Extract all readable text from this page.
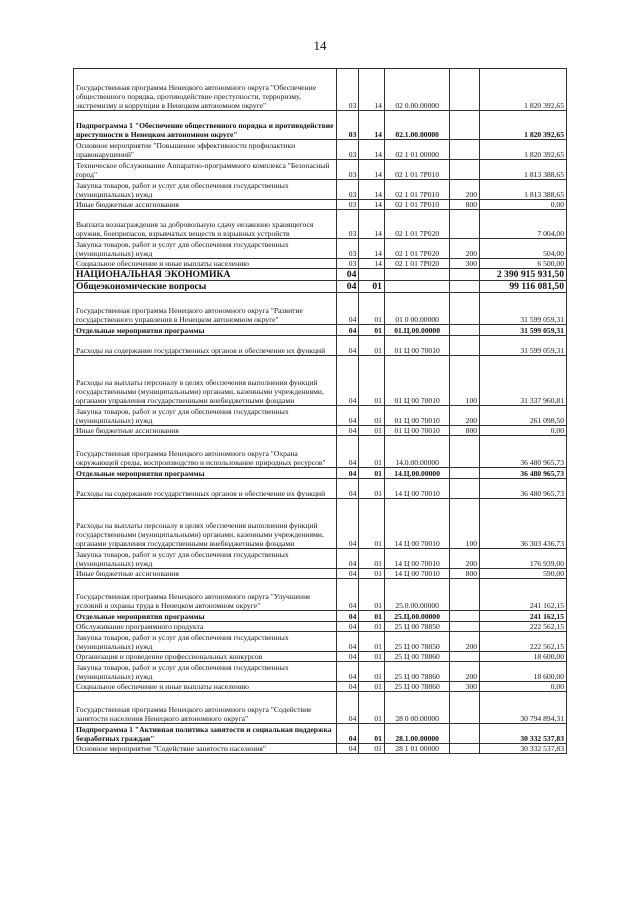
14
Государственная программа Ненецкого автономного округа "Обеспечение общественного порядка, противодействие преступности, терроризму, экстремизму и коррупции в Ненецком автономном округе"	03	14	02 0.00.00000		1 820 392,65
Подпрограмма 1 "Обеспечение общественного порядка и противодействие преступности в Ненецком автономном округе"	03	14	02.1.00.00000		1 820 392,65
Основное мероприятие "Повышение эффективности профилактики правонарушений"	03	14	02 1 01 00000		1 820 392,65
Техническое обслуживание Аппаратно-программного комплекса "Безопасный город"	03	14	02 1 01 7Р010		1 813 388,65
Закупка товаров, работ и услуг для обеспечения государственных (муниципальных) нужд	03	14	02 1 01 7Р010	200	1 813 388,65
Иные бюджетные ассигнования	03	14	02 1 01 7Р010	800	0,00
Выплата вознаграждения за добровольную сдачу незаконно хранящегося оружия, боеприпасов, взрывчатых веществ и взрывных устройств	03	14	02 1 01 7Р020		7 004,00
Закупка товаров, работ и услуг для обеспечения государственных (муниципальных) нужд	03	14	02 1 01 7Р020	200	504,00
Социальное обеспечение и иные выплаты населению	03	14	02 1 01 7Р020	300	6 500,00
НАЦИОНАЛЬНАЯ ЭКОНОМИКА	04				2 390 915 931,50
Общеэкономические вопросы	04	01			99 116 081,50
Государственная программа Ненецкого автономного округа "Развитие государственного управления в Ненецком автономном округе"	04	01	01 0 00.00000		31 599 059,31
Отдельные мероприятия программы	04	01	01.Ц.00.00000		31 599 059,31
Расходы на содержание государственных органов и обеспечение их функций	04	01	01 Ц 00 70010		31 599 059,31
Расходы на выплаты персоналу в целях обеспечения выполнения функций государственными (муниципальными) органами, казенными учреждениями, органами управления государственными внебюджетными фондами	04	01	01 Ц 00 70010	100	31 337 960,81
Закупка товаров, работ и услуг для обеспечения государственных (муниципальных) нужд	04	01	01 Ц 00 70010	200	261 098,50
Иные бюджетные ассигнования	04	01	01 Ц 00 70010	800	0,00
Государственная программа Ненецкого автономного округа "Охрана окружающей среды, воспроизводство и использование природных ресурсов"	04	01	14.0.00.00000		36 480 965,73
Отдельные мероприятия программы	04	01	14.Ц.00.00000		36 480 965,73
Расходы на содержание государственных органов и обеспечение их функций	04	01	14 Ц 00 70010		36 480 965,73
Расходы на выплаты персоналу в целях обеспечения выполнения функций государственными (муниципальными) органами, казенными учреждениями, органами управления государственными внебюджетными фондами	04	01	14 Ц 00 70010	100	36 303 436,73
Закупка товаров, работ и услуг для обеспечения государственных (муниципальных) нужд	04	01	14 Ц 00 70010	200	176 939,00
Иные бюджетные ассигнования	04	01	14 Ц 00 70010	800	590,00
Государственная программа Ненецкого автономного округа "Улучшение условий и охраны труда в Ненецком автономном округе"	04	01	25.0.00.00000		241 162,15
Отдельные мероприятия программы	04	01	25.Ц.00.00000		241 162,15
Обслуживание программного продукта	04	01	25 Ц 00 78850		222 562,15
Закупка товаров, работ и услуг для обеспечения государственных (муниципальных) нужд	04	01	25 Ц 00 78850	200	222 562,15
Организация и проведение профессиональных конкурсов	04	01	25 Ц 00 78860		18 600,00
Закупка товаров, работ и услуг для обеспечения государственных (муниципальных) нужд	04	01	25 Ц 00 78860	200	18 600,00
Социальное обеспечение и иные выплаты населению	04	01	25 Ц 00 78860	300	0,00
Государственная программа Ненецкого автономного округа "Содействие занятости населения Ненецкого автономного округа"	04	01	28 0 00.00000		30 794 894,31
Подпрограмма 1 "Активная политика занятости и социальная поддержка безработных граждан"	04	01	28.1.00.00000		30 332 537,83
Основное мероприятие "Содействие занятости населения"	04	01	28 1 01 00000		30 332 537,83
